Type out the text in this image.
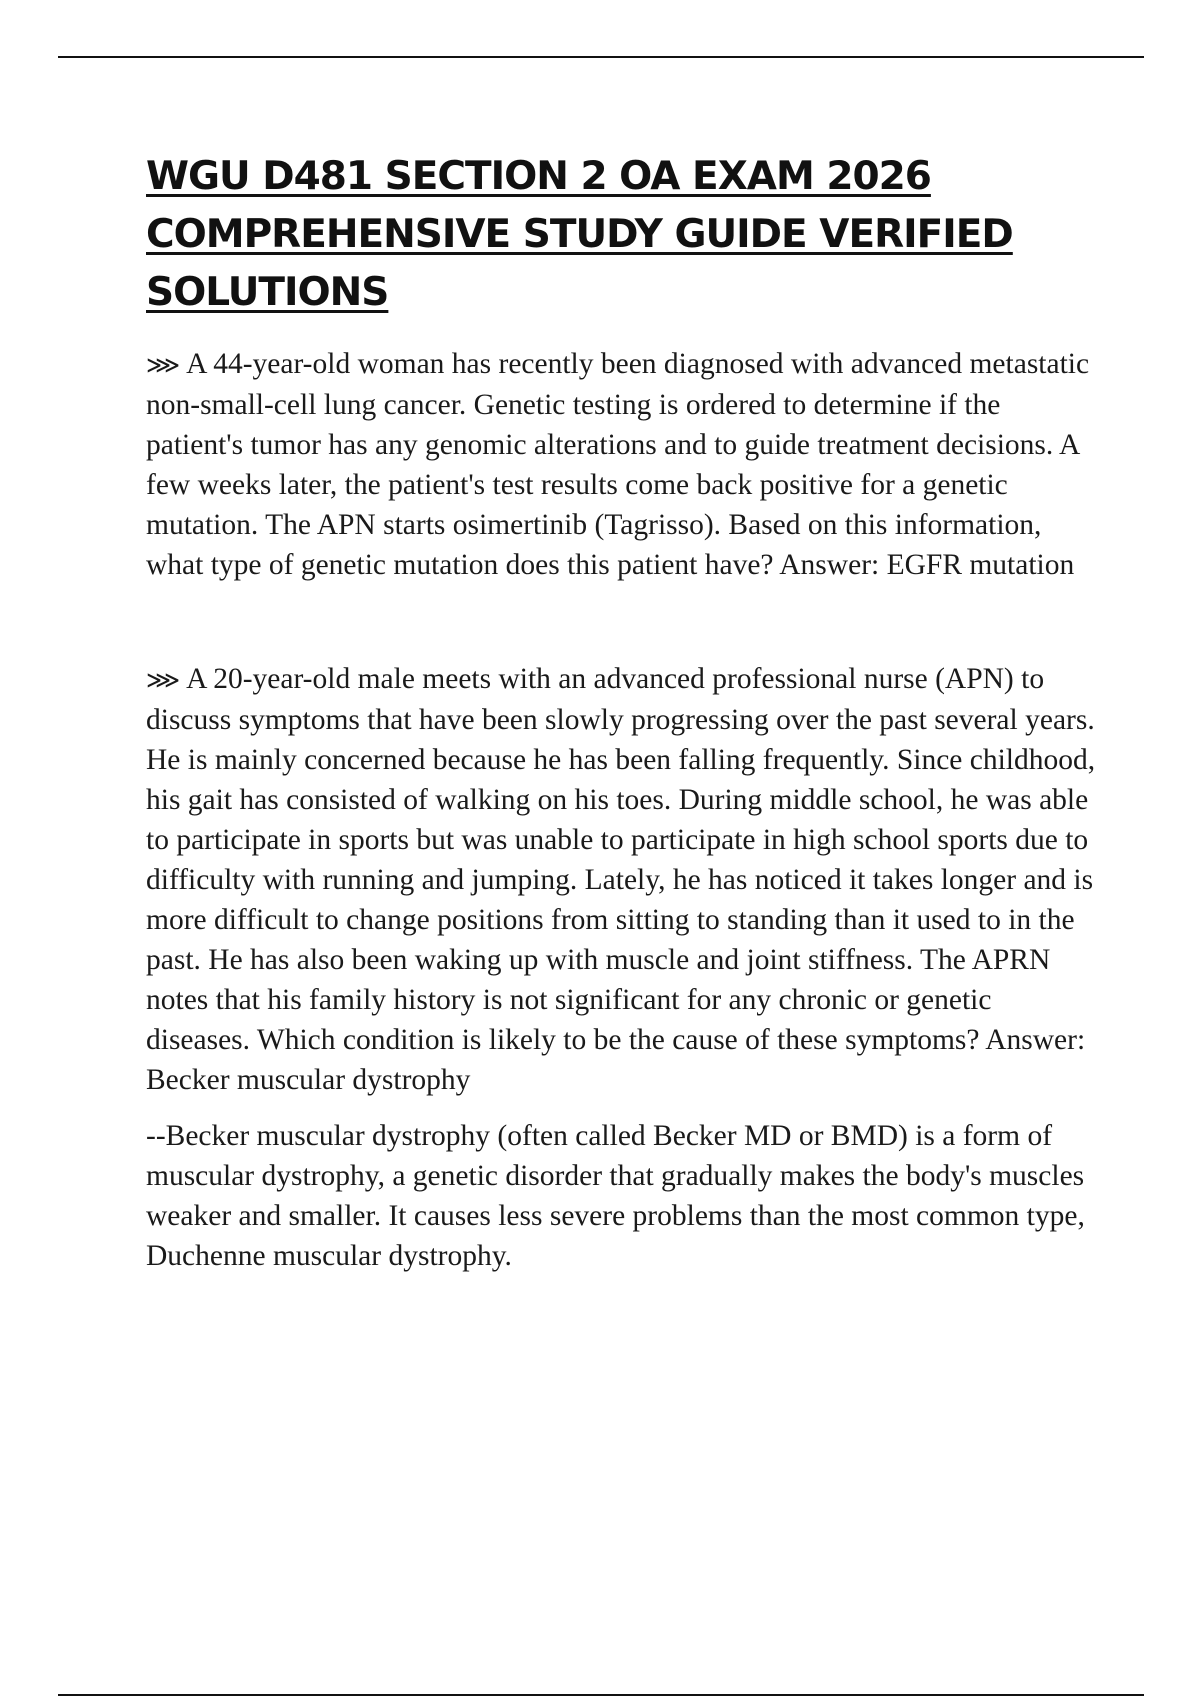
WGU D481 SECTION 2 OA EXAM 2026 COMPREHENSIVE STUDY GUIDE VERIFIED SOLUTIONS

⋙ A 44-year-old woman has recently been diagnosed with advanced metastatic non-small-cell lung cancer. Genetic testing is ordered to determine if the patient's tumor has any genomic alterations and to guide treatment decisions. A few weeks later, the patient's test results come back positive for a genetic mutation. The APN starts osimertinib (Tagrisso). Based on this information, what type of genetic mutation does this patient have? Answer: EGFR mutation

⋙ A 20-year-old male meets with an advanced professional nurse (APN) to discuss symptoms that have been slowly progressing over the past several years. He is mainly concerned because he has been falling frequently. Since childhood, his gait has consisted of walking on his toes. During middle school, he was able to participate in sports but was unable to participate in high school sports due to difficulty with running and jumping. Lately, he has noticed it takes longer and is more difficult to change positions from sitting to standing than it used to in the past. He has also been waking up with muscle and joint stiffness. The APRN notes that his family history is not significant for any chronic or genetic diseases. Which condition is likely to be the cause of these symptoms? Answer: Becker muscular dystrophy

--Becker muscular dystrophy (often called Becker MD or BMD) is a form of muscular dystrophy, a genetic disorder that gradually makes the body's muscles weaker and smaller. It causes less severe problems than the most common type, Duchenne muscular dystrophy.
